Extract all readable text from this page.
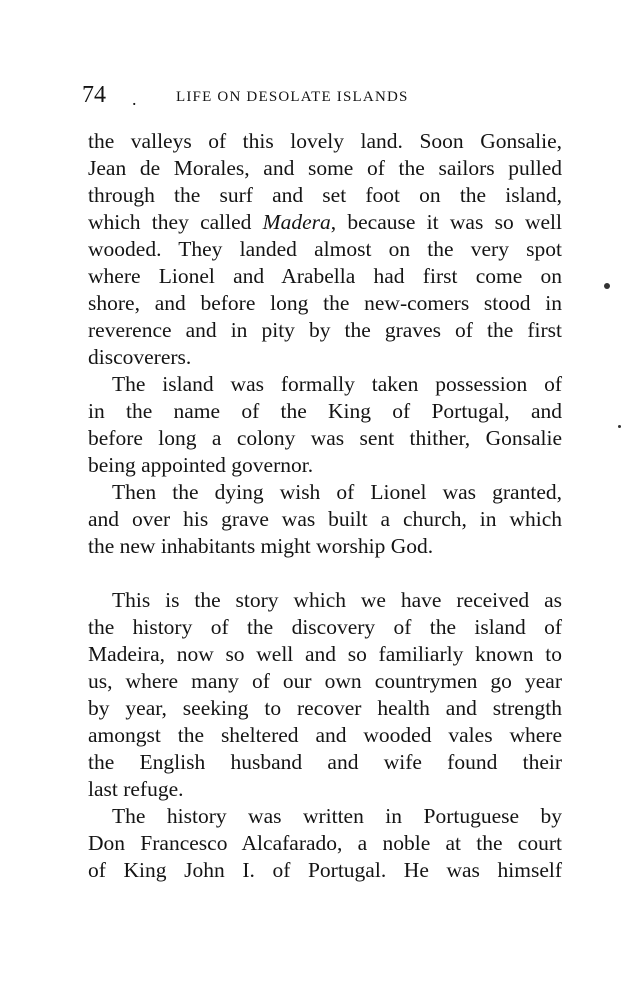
74 .	LIFE ON DESOLATE ISLANDS
the valleys of this lovely land. Soon Gonsalie,
Jean de Morales, and some of the sailors pulled
through the surf and set foot on the island,
which they called Madera, because it was so well
wooded. They landed almost on the very spot
where Lionel and Arabella had first come on
shore, and before long the new-comers stood in
reverence and in pity by the graves of the first
discoverers.
The island was formally taken possession of
in the name of the King of Portugal, and
before long a colony was sent thither, Gonsalie
being appointed governor.
Then the dying wish of Lionel was granted,
and over his grave was built a church, in which
the new inhabitants might worship God.
This is the story which we have received as
the history of the discovery of the island of
Madeira, now so well and so familiarly known to
us, where many of our own countrymen go year
by year, seeking to recover health and strength
amongst the sheltered and wooded vales where
the English husband and wife found their
last refuge.
The history was written in Portuguese by
Don Francesco Alcafarado, a noble at the court
of King John I. of Portugal. He was himself
